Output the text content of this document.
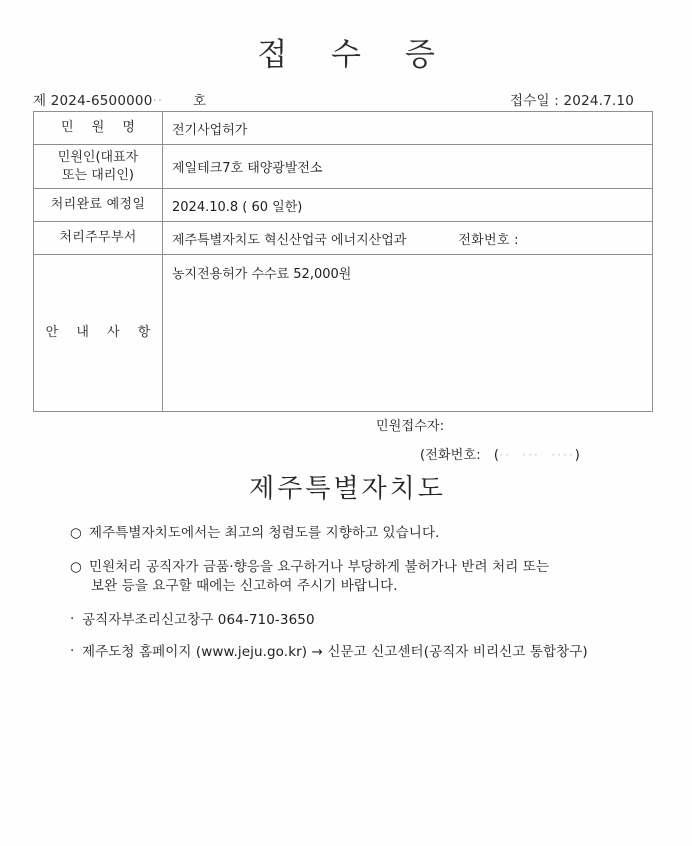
접 수 증
제 2024-6500000·· 호	접수일 : 2024.7.10
민 원 명	전기사업허가

민원인(대표자
또는 대리인)	제일테크7호 태양광발전소
처리완료 예정일	2024.10.8 ( 60 일한)
처리주무부서	제주특별자치도 혁신산업국 에너지산업과 전화번호 :

안 내 사 항	농지전용허가 수수료 52,000원
민원접수자:
(전화번호:   (··  ···  ····)
제주특별자치도
○ 제주특별자치도에서는 최고의 청렴도를 지향하고 있습니다.
○ 민원처리 공직자가 금품·향응을 요구하거나 부당하게 불허가나 반려 처리 또는
보완 등을 요구할 때에는 신고하여 주시기 바랍니다.
· 공직자부조리신고창구 064-710-3650
· 제주도청 홈페이지 (www.jeju.go.kr) → 신문고 신고센터(공직자 비리신고 통합창구)
